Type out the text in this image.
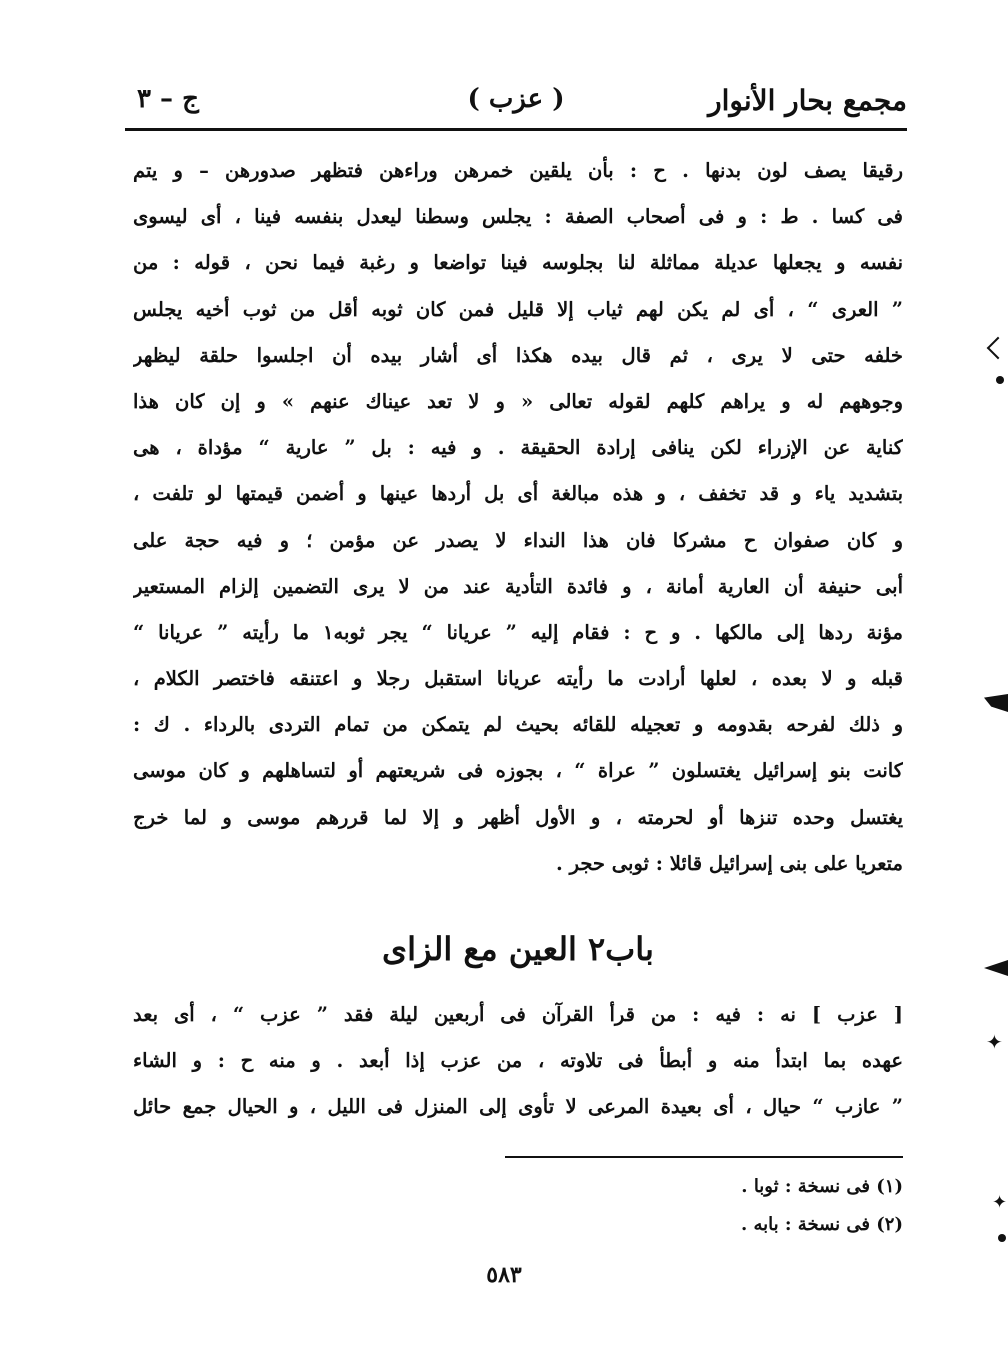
مجمع بحار الأنوار
( عزب )
ج – ٣
رقيقا يصف لون بدنها . ح : بأن يلقين خمرهن وراءهن فتظهر صدورهن – و يتم
فى كسا . ط : و فى أصحاب الصفة : يجلس وسطنا ليعدل بنفسه فينا ، أى ليسوى
نفسه و يجعلها عديلة مماثلة لنا بجلوسه فينا تواضعا و رغبة فيما نحن ، قوله : من
” العرى “ ، أى لم يكن لهم ثياب إلا قليل فمن كان ثوبه أقل من ثوب أخيه يجلس
خلفه حتى لا يرى ، ثم قال بيده هكذا أى أشار بيده أن اجلسوا حلقة ليظهر
وجوههم له و يراهم كلهم لقوله تعالى « و لا تعد عيناك عنهم » و إن كان هذا
كناية عن الإزراء لكن ينافى إرادة الحقيقة . و فيه : بل ” عارية “ مؤداة ، هى
بتشديد ياء و قد تخفف ، و هذه مبالغة أى بل أردها عينها و أضمن قيمتها لو تلفت ،
و كان صفوان ح مشركا فان هذا النداء لا يصدر عن مؤمن ؛ و فيه حجة على
أبى حنيفة أن العارية أمانة ، و فائدة التأدية عند من لا يرى التضمين إلزام المستعير
مؤنة ردها إلى مالكها . و ح : فقام إليه ” عريانا “ يجر ثوبه١ ما رأيته ” عريانا “
قبله و لا بعده ، لعلها أرادت ما رأيته عريانا استقبل رجلا و اعتنقه فاختصر الكلام ،
و ذلك لفرحه بقدومه و تعجيله للقائه بحيث لم يتمكن من تمام التردى بالرداء . ك :
كانت بنو إسرائيل يغتسلون ” عراة “ ، بجوزه فى شريعتهم أو لتساهلهم و كان موسى
يغتسل وحده تنزها أو لحرمته ، و الأول أظهر و إلا لما قررهم موسى و لما خرج
متعريا على بنى إسرائيل قائلا : ثوبى حجر .
باب٢ العين مع الزاى
[ عزب ] نه : فيه : من قرأ القرآن فى أربعين ليلة فقد ” عزب “ ، أى بعد
عهده بما ابتدأ منه و أبطأ فى تلاوته ، من عزب إذا أبعد . و منه ح : و الشاء
” عازب “ حيال ، أى بعيدة المرعى لا تأوى إلى المنزل فى الليل ، و الحيال جمع حائل
(١) فى نسخة : ثوبا .
(٢) فى نسخة : بابه .
٥٨٣
✦
✦
